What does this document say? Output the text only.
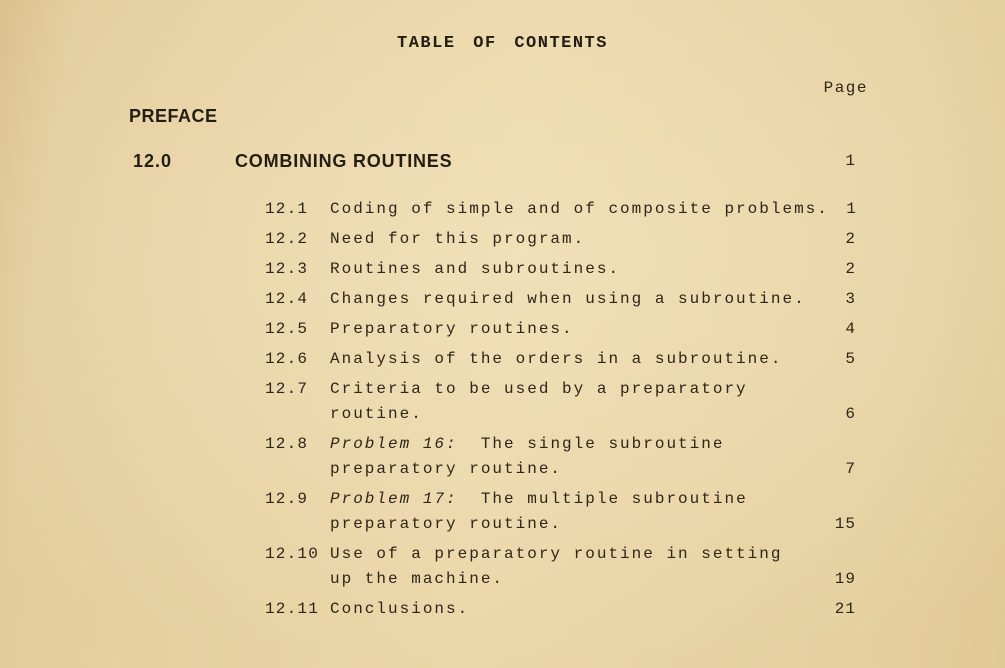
TABLE OF CONTENTS
Page
PREFACE
12.0	COMBINING ROUTINES	1
12.1	Coding of simple and of composite problems.	1
12.2	Need for this program.	2
12.3	Routines and subroutines.	2
12.4	Changes required when using a subroutine.	3
12.5	Preparatory routines.	4
12.6	Analysis of the orders in a subroutine.	5
12.7	Criteria to be used by a preparatory
routine.	6
12.8	Problem 16:  The single subroutine
preparatory routine.	7
12.9	Problem 17:  The multiple subroutine
preparatory routine.	15
12.10 Use of a preparatory routine in setting
up the machine.	19
12.11 Conclusions.	21
